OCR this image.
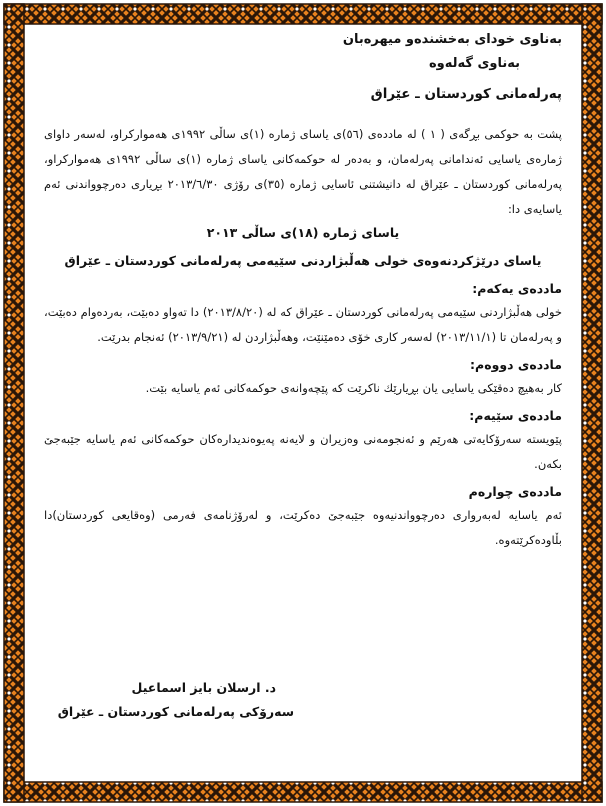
بەناوی خودای بەخشندەو میهرەبان
بەناوی گەلەوە
پەرلەمانی کوردستان ـ عێراق

پشت بە حوکمی بڕگەی ( ١ ) لە ماددەی (٥٦)ی یاسای ژمارە (١)ی ساڵی ١٩٩٢ی هەموارکراو، لەسەر داوای ژمارەی یاسایی ئەندامانی پەرلەمان، و بەدەر لە حوکمەکانی یاسای ژمارە (١)ی ساڵی ١٩٩٢ی هەموارکراو، پەرلەمانی کوردستان ـ عێراق لە دانیشتنی ئاسایی ژمارە (٣٥)ی رۆژی ٢٠١٣/٦/٣٠ بڕیاری دەرچوواندنی ئەم یاسایەی دا:

یاسای ژمارە (١٨)ی ساڵی ٢٠١٣
یاسای درێژکردنەوەی خولی هەڵبژاردنی سێیەمی پەرلەمانی کوردستان ـ عێراق
ماددەی یەکەم:

خولی هەڵبژاردنی سێیەمی پەرلەمانی کوردستان ـ عێراق کە لە (٢٠١٣/٨/٢٠) دا تەواو دەبێت، بەردەوام دەبێت، و پەرلەمان تا (٢٠١٣/١١/١) لەسەر کاری خۆی دەمێنێت، وهەڵبژاردن لە (٢٠١٣/٩/٢١) ئەنجام بدرێت.

ماددەی دووەم:

کار بەهیچ دەقێکی یاسایی یان بڕیارێك ناکرێت کە پێچەوانەی حوکمەکانی ئەم یاسایە بێت.

ماددەی سێیەم:

پێویستە سەرۆکایەتی هەرێم و ئەنجومەنی وەزیران و لایەنە پەیوەندیدارەکان حوکمەکانی ئەم یاسایە جێبەجێ بکەن.

ماددەی چوارەم

ئەم یاسایە لەبەرواری دەرچوواندنیەوە جێبەجێ دەکرێت، و لەرۆژنامەی فەرمی (وەقایعی کوردستان)دا بڵاودەکرێتەوە.

د. ارسلان بایز اسماعیل
سەرۆکی پەرلەمانی کوردستان ـ عێراق
